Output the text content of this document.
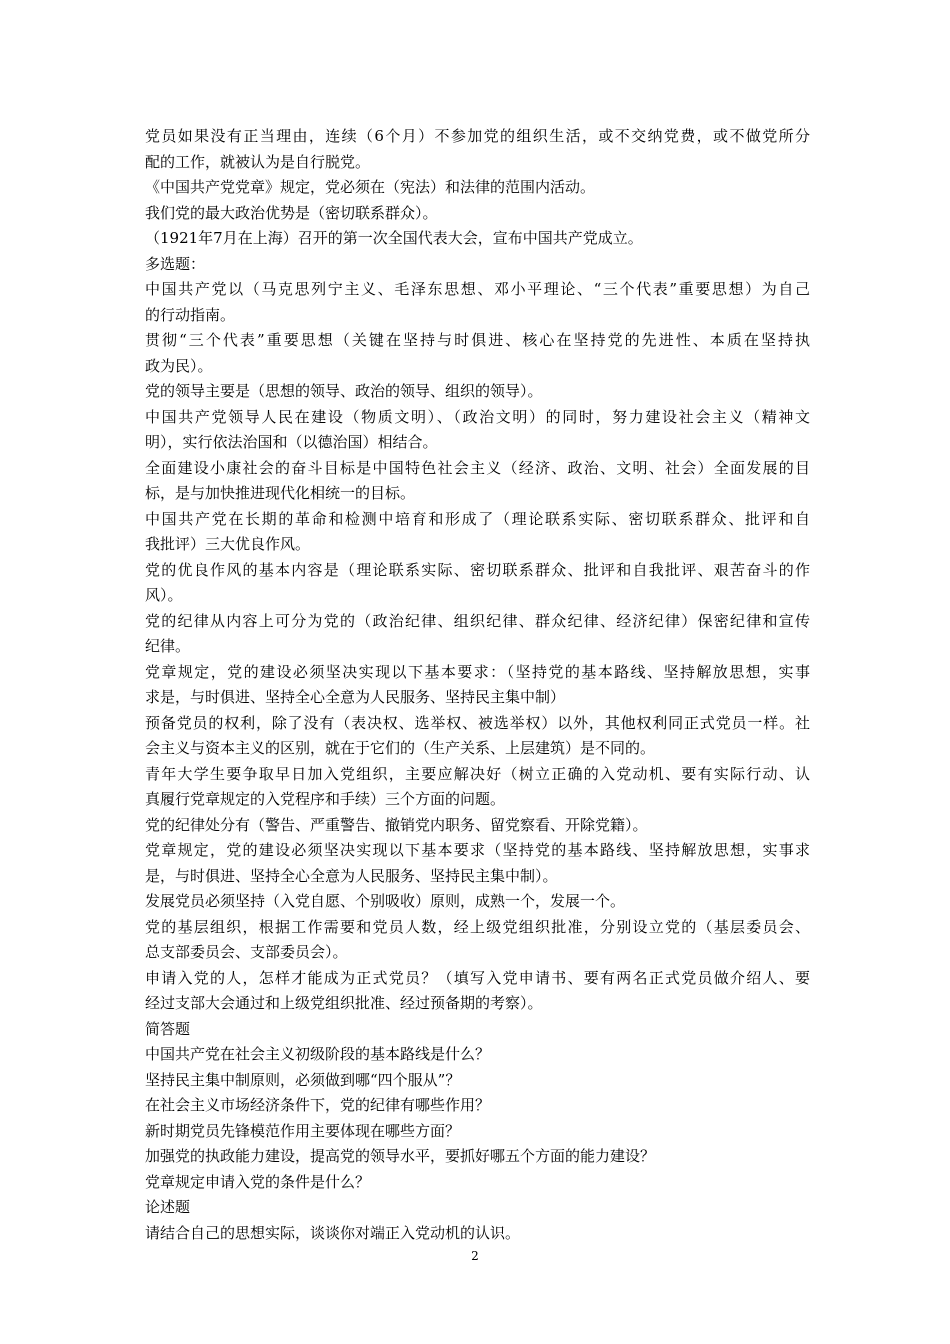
党员如果没有正当理由，连续（6个月）不参加党的组织生活，或不交纳党费，或不做党所分
配的工作，就被认为是自行脱党。
《中国共产党党章》规定，党必须在（宪法）和法律的范围内活动。
我们党的最大政治优势是（密切联系群众）。
（1921年7月在上海）召开的第一次全国代表大会，宣布中国共产党成立。
多选题：
中国共产党以（马克思列宁主义、毛泽东思想、邓小平理论、“三个代表”重要思想）为自己
的行动指南。
贯彻“三个代表”重要思想（关键在坚持与时俱进、核心在坚持党的先进性、本质在坚持执
政为民）。
党的领导主要是（思想的领导、政治的领导、组织的领导）。
中国共产党领导人民在建设（物质文明）、（政治文明）的同时，努力建设社会主义（精神文
明），实行依法治国和（以德治国）相结合。
全面建设小康社会的奋斗目标是中国特色社会主义（经济、政治、文明、社会）全面发展的目
标，是与加快推进现代化相统一的目标。
中国共产党在长期的革命和检测中培育和形成了（理论联系实际、密切联系群众、批评和自
我批评）三大优良作风。
党的优良作风的基本内容是（理论联系实际、密切联系群众、批评和自我批评、艰苦奋斗的作
风）。
党的纪律从内容上可分为党的（政治纪律、组织纪律、群众纪律、经济纪律）保密纪律和宣传
纪律。
党章规定，党的建设必须坚决实现以下基本要求：（坚持党的基本路线、坚持解放思想，实事
求是，与时俱进、坚持全心全意为人民服务、坚持民主集中制）
预备党员的权利，除了没有（表决权、选举权、被选举权）以外，其他权利同正式党员一样。社
会主义与资本主义的区别，就在于它们的（生产关系、上层建筑）是不同的。
青年大学生要争取早日加入党组织，主要应解决好（树立正确的入党动机、要有实际行动、认
真履行党章规定的入党程序和手续）三个方面的问题。
党的纪律处分有（警告、严重警告、撤销党内职务、留党察看、开除党籍）。
党章规定，党的建设必须坚决实现以下基本要求（坚持党的基本路线、坚持解放思想，实事求
是，与时俱进、坚持全心全意为人民服务、坚持民主集中制）。
发展党员必须坚持（入党自愿、个别吸收）原则，成熟一个，发展一个。
党的基层组织，根据工作需要和党员人数，经上级党组织批准，分别设立党的（基层委员会、
总支部委员会、支部委员会）。
申请入党的人，怎样才能成为正式党员？（填写入党申请书、要有两名正式党员做介绍人、要
经过支部大会通过和上级党组织批准、经过预备期的考察）。
简答题
中国共产党在社会主义初级阶段的基本路线是什么？
坚持民主集中制原则，必须做到哪“四个服从”？
在社会主义市场经济条件下，党的纪律有哪些作用？
新时期党员先锋模范作用主要体现在哪些方面？
加强党的执政能力建设，提高党的领导水平，要抓好哪五个方面的能力建设？
党章规定申请入党的条件是什么？
论述题
请结合自己的思想实际，谈谈你对端正入党动机的认识。
2
